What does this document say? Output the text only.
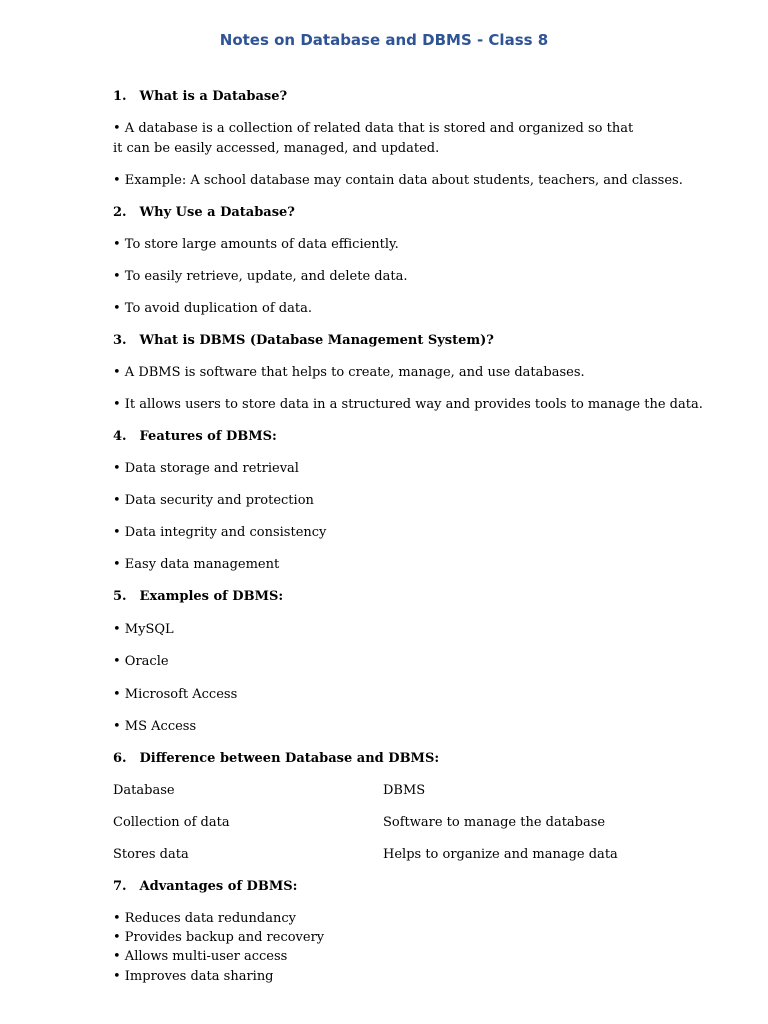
Notes on Database and DBMS - Class 8
1. What is a Database?
• A database is a collection of related data that is stored and organized so that it can be easily accessed, managed, and updated.
• Example: A school database may contain data about students, teachers, and classes.
2. Why Use a Database?
• To store large amounts of data efficiently.
• To easily retrieve, update, and delete data.
• To avoid duplication of data.
3. What is DBMS (Database Management System)?
• A DBMS is software that helps to create, manage, and use databases.
• It allows users to store data in a structured way and provides tools to manage the data.
4. Features of DBMS:
• Data storage and retrieval
• Data security and protection
• Data integrity and consistency
• Easy data management
5. Examples of DBMS:
• MySQL
• Oracle
• Microsoft Access
• MS Access
6. Difference between Database and DBMS:
Database	DBMS
Collection of data	Software to manage the database
Stores data	Helps to organize and manage data
7. Advantages of DBMS:
• Reduces data redundancy
• Provides backup and recovery
• Allows multi-user access
• Improves data sharing
